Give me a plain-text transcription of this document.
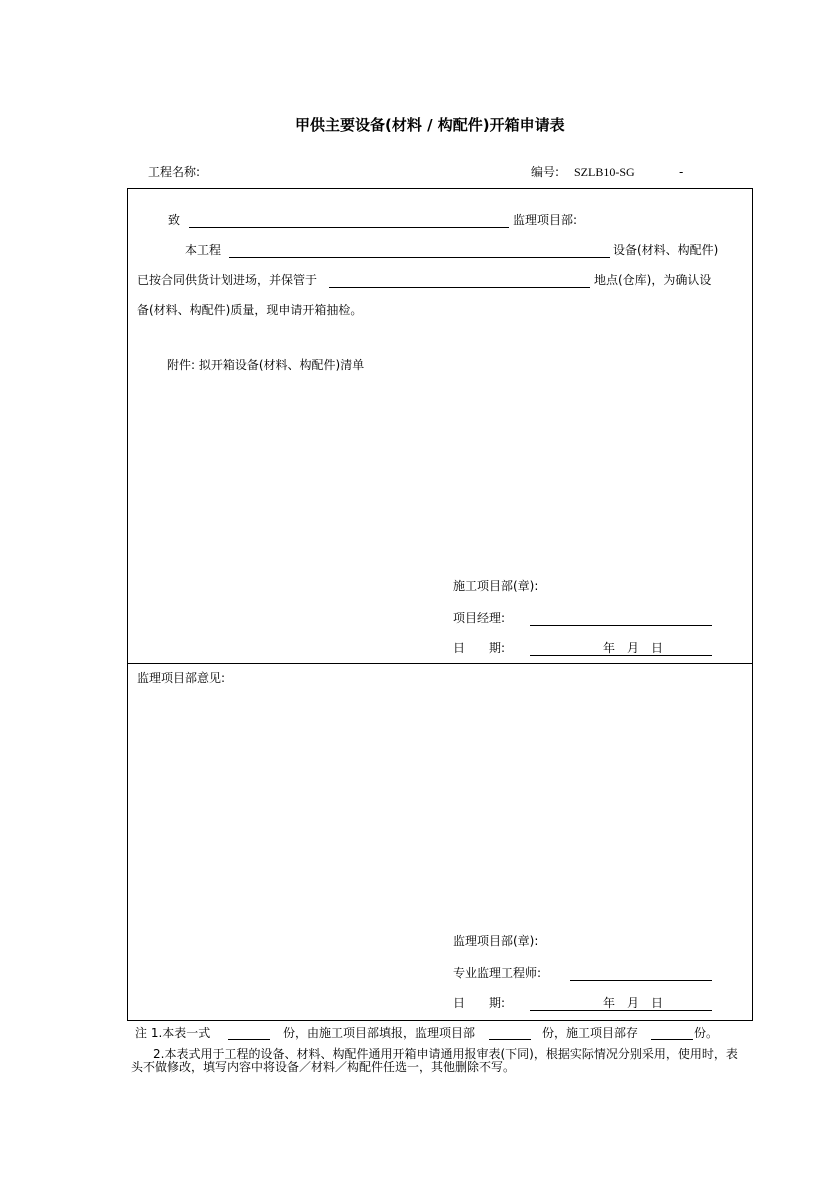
甲供主要设备(材料 / 构配件)开箱申请表
工程名称:	编号: SZLB10-SG	-
致	监理项目部:
本工程	设备(材料、构配件)
已按合同供货计划进场，并保管于	地点(仓库)，为确认设
备(材料、构配件)质量，现申请开箱抽检。
附件: 拟开箱设备(材料、构配件)清单
施工项目部(章):
项目经理:
日　　期:	年　月　日
监理项目部意见:
监理项目部(章):
专业监理工程师:
日　　期:	年　月　日
注 1.本表一式	份，由施工项目部填报，监理项目部	份，施工项目部存	份。
2.本表式用于工程的设备、材料、构配件通用开箱申请通用报审表(下同)，根据实际情况分别采用，使用时，表
头不做修改，填写内容中将设备／材料／构配件任选一，其他删除不写。
